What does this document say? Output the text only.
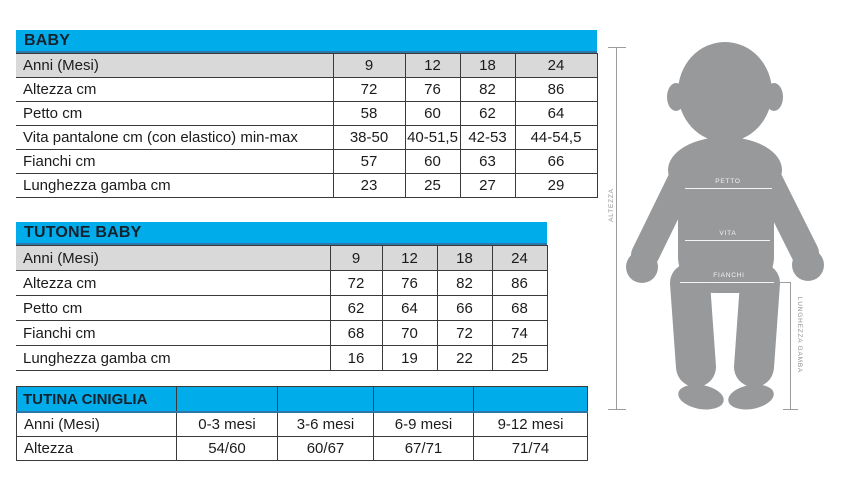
BABY
Anni (Mesi)	9	12	18	24
Altezza cm	72	76	82	86
Petto cm	58	60	62	64
Vita pantalone cm (con elastico) min-max	38-50	40-51,5	42-53	44-54,5
Fianchi cm	57	60	63	66
Lunghezza gamba cm	23	25	27	29
TUTONE BABY
Anni (Mesi)	9	12	18	24	
Altezza cm	72	76	82	86	
Petto cm	62	64	66	68	
Fianchi cm	68	70	72	74	
Lunghezza gamba cm	16	19	22	25	
TUTINA CINIGLIA				
Anni (Mesi)	0-3 mesi	3-6 mesi	6-9 mesi	9-12 mesi
Altezza	54/60	60/67	67/71	71/74
PETTO
VITA
FIANCHI
ALTEZZA
LUNGHEZZA GAMBA
